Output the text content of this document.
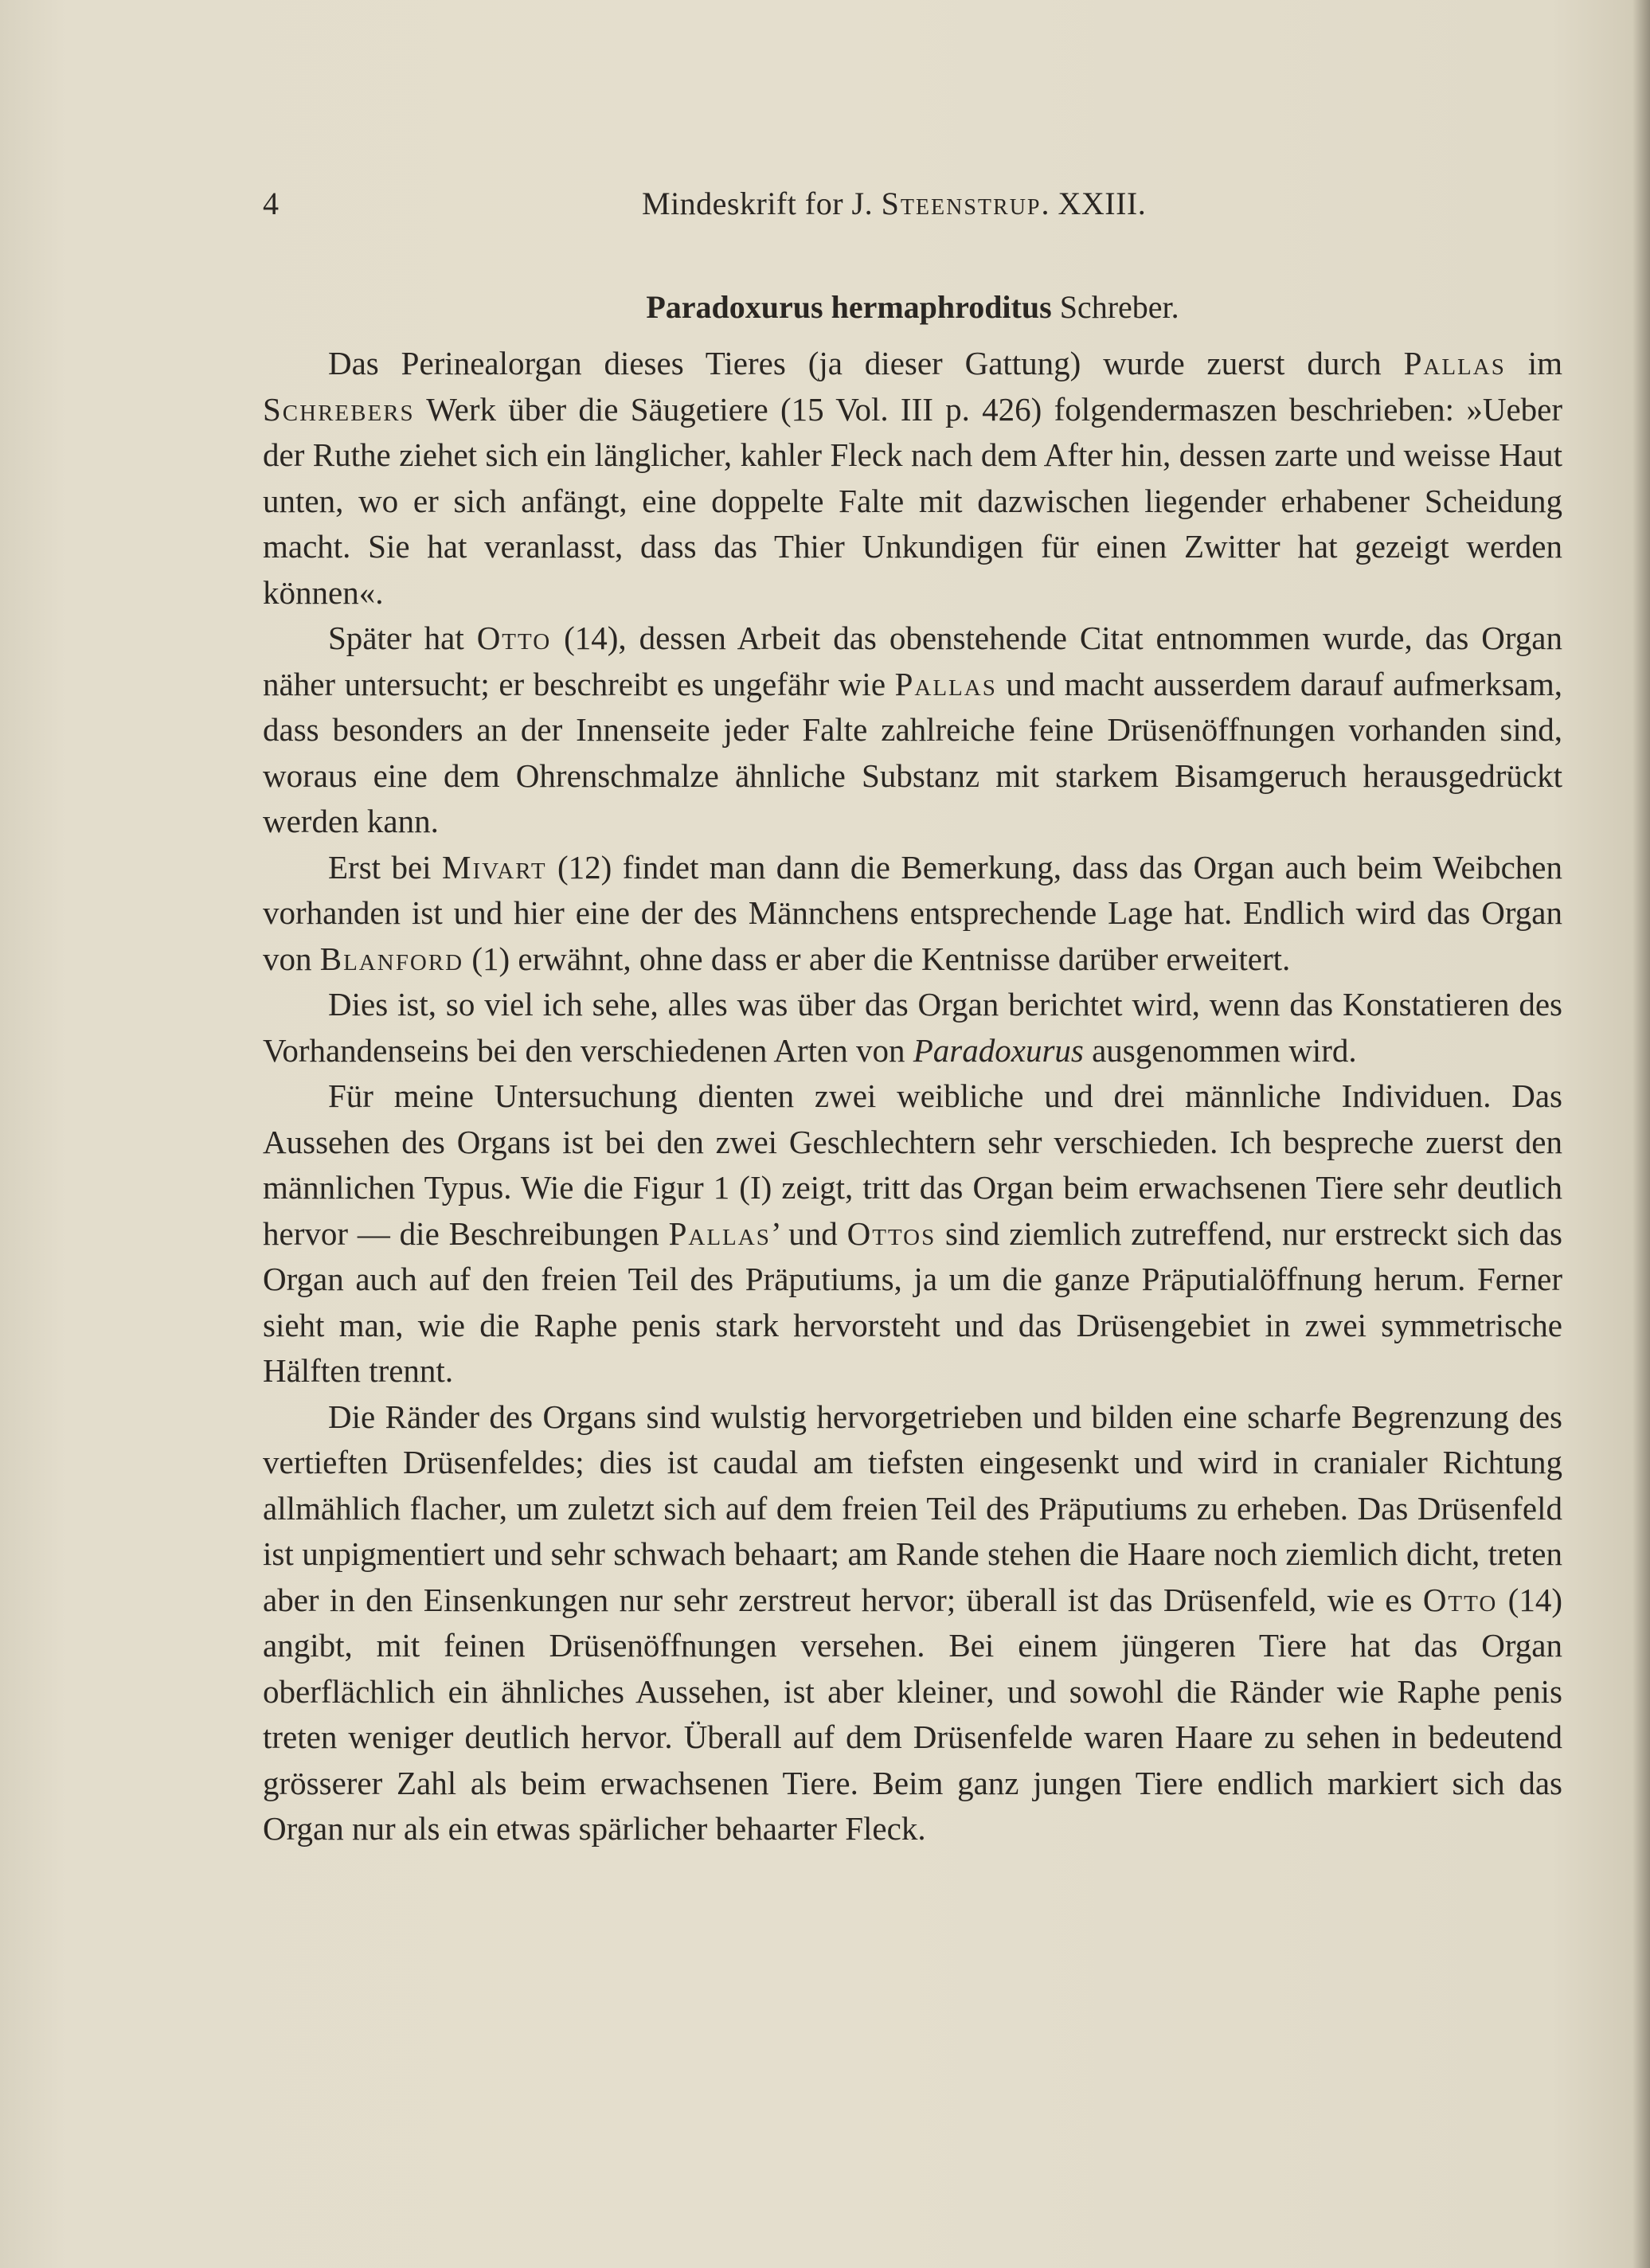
4	Mindeskrift for J. Steenstrup. XXIII.
Paradoxurus hermaphroditus Schreber.

Das Perinealorgan dieses Tieres (ja dieser Gattung) wurde zuerst durch Pallas im Schrebers Werk über die Säugetiere (15 Vol. III p. 426) folgendermaszen beschrieben: »Ueber der Ruthe ziehet sich ein länglicher, kahler Fleck nach dem After hin, dessen zarte und weisse Haut unten, wo er sich anfängt, eine doppelte Falte mit dazwischen liegender erhabener Scheidung macht. Sie hat veranlasst, dass das Thier Unkundigen für einen Zwitter hat gezeigt werden können«.

Später hat Otto (14), dessen Arbeit das obenstehende Citat entnommen wurde, das Organ näher untersucht; er beschreibt es ungefähr wie Pallas und macht ausserdem darauf aufmerksam, dass besonders an der Innenseite jeder Falte zahlreiche feine Drüsenöffnungen vorhanden sind, woraus eine dem Ohrenschmalze ähnliche Substanz mit starkem Bisamgeruch herausgedrückt werden kann.

Erst bei Mivart (12) findet man dann die Bemerkung, dass das Organ auch beim Weibchen vorhanden ist und hier eine der des Männchens entsprechende Lage hat. Endlich wird das Organ von Blanford (1) erwähnt, ohne dass er aber die Kentnisse darüber erweitert.

Dies ist, so viel ich sehe, alles was über das Organ berichtet wird, wenn das Konstatieren des Vorhandenseins bei den verschiedenen Arten von Paradoxurus ausgenommen wird.

Für meine Untersuchung dienten zwei weibliche und drei männliche Individuen. Das Aussehen des Organs ist bei den zwei Geschlechtern sehr verschieden. Ich bespreche zuerst den männlichen Typus. Wie die Figur 1 (I) zeigt, tritt das Organ beim erwachsenen Tiere sehr deutlich hervor — die Beschreibungen Pallas’ und Ottos sind ziemlich zutreffend, nur erstreckt sich das Organ auch auf den freien Teil des Präputiums, ja um die ganze Präputialöffnung herum. Ferner sieht man, wie die Raphe penis stark hervorsteht und das Drüsengebiet in zwei symmetrische Hälften trennt.

Die Ränder des Organs sind wulstig hervorgetrieben und bilden eine scharfe Begrenzung des vertieften Drüsenfeldes; dies ist caudal am tiefsten eingesenkt und wird in cranialer Richtung allmählich flacher, um zuletzt sich auf dem freien Teil des Präputiums zu erheben. Das Drüsenfeld ist unpigmentiert und sehr schwach behaart; am Rande stehen die Haare noch ziemlich dicht, treten aber in den Einsenkungen nur sehr zerstreut hervor; überall ist das Drüsenfeld, wie es Otto (14) angibt, mit feinen Drüsenöffnungen versehen. Bei einem jüngeren Tiere hat das Organ oberflächlich ein ähnliches Aussehen, ist aber kleiner, und sowohl die Ränder wie Raphe penis treten weniger deutlich hervor. Überall auf dem Drüsenfelde waren Haare zu sehen in bedeutend grösserer Zahl als beim erwachsenen Tiere. Beim ganz jungen Tiere endlich markiert sich das Organ nur als ein etwas spärlicher behaarter Fleck.
